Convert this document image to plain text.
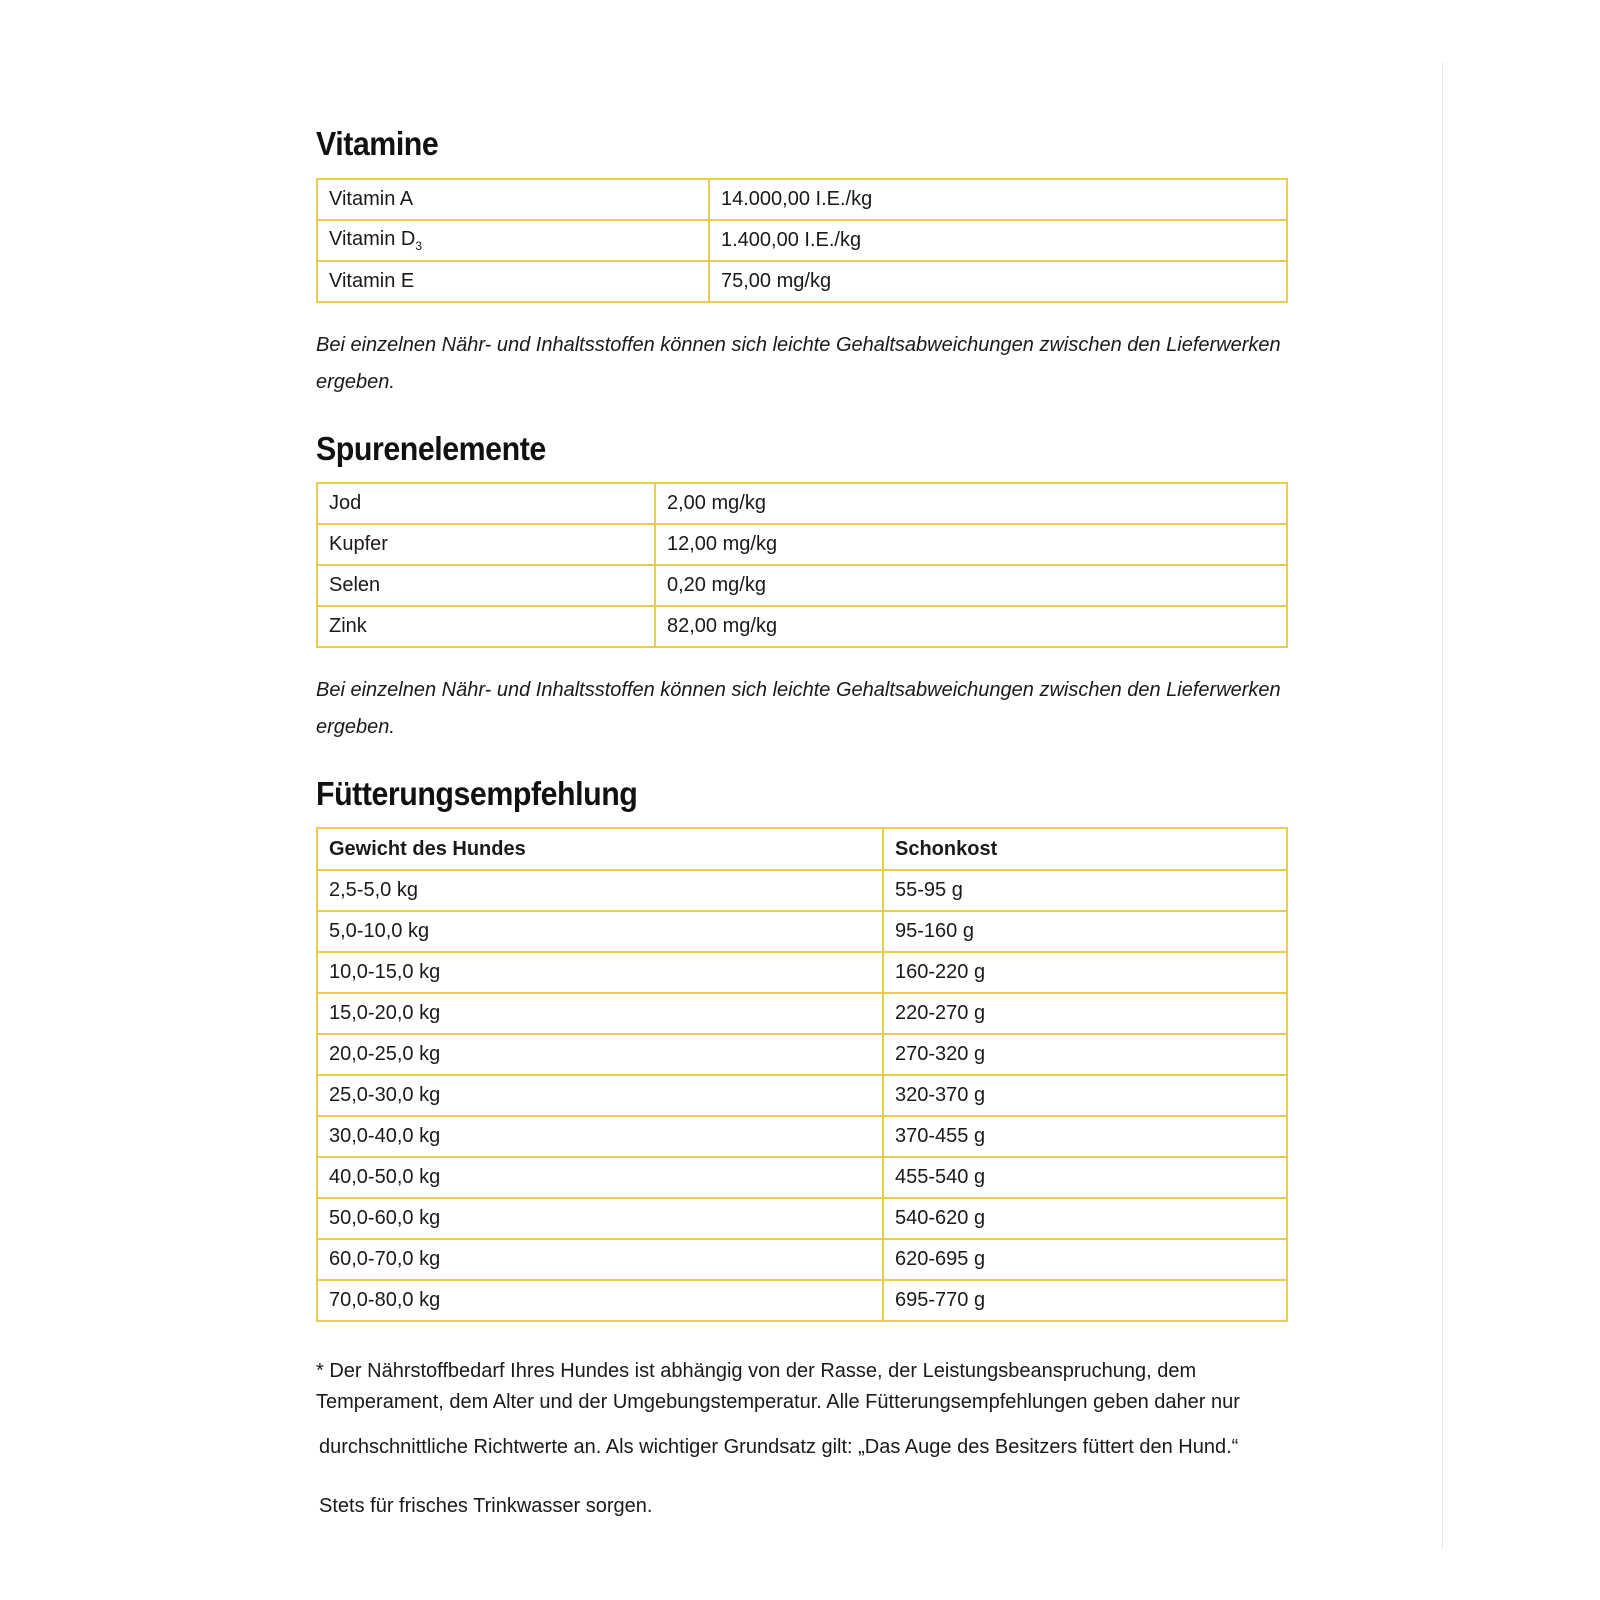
Vitamine
Vitamin A	14.000,00 I.E./kg
Vitamin $D_3$	1.400,00 I.E./kg
Vitamin E	75,00 mg/kg

Bei einzelnen Nähr- und Inhaltsstoffen können sich leichte Gehaltsabweichungen zwischen den Lieferwerken ergeben.

Spurenelemente
Jod	2,00 mg/kg
Kupfer	12,00 mg/kg
Selen	0,20 mg/kg
Zink	82,00 mg/kg

Bei einzelnen Nähr- und Inhaltsstoffen können sich leichte Gehaltsabweichungen zwischen den Lieferwerken ergeben.

Fütterungsempfehlung
Gewicht des Hundes	Schonkost
2,5-5,0 kg	55-95 g
5,0-10,0 kg	95-160 g
10,0-15,0 kg	160-220 g
15,0-20,0 kg	220-270 g
20,0-25,0 kg	270-320 g
25,0-30,0 kg	320-370 g
30,0-40,0 kg	370-455 g
40,0-50,0 kg	455-540 g
50,0-60,0 kg	540-620 g
60,0-70,0 kg	620-695 g
70,0-80,0 kg	695-770 g

* Der Nährstoffbedarf Ihres Hundes ist abhängig von der Rasse, der Leistungsbeanspruchung, dem Temperament, dem Alter und der Umgebungstemperatur. Alle Fütterungsempfehlungen geben daher nur

durchschnittliche Richtwerte an. Als wichtiger Grundsatz gilt: „Das Auge des Besitzers füttert den Hund.“

Stets für frisches Trinkwasser sorgen.
